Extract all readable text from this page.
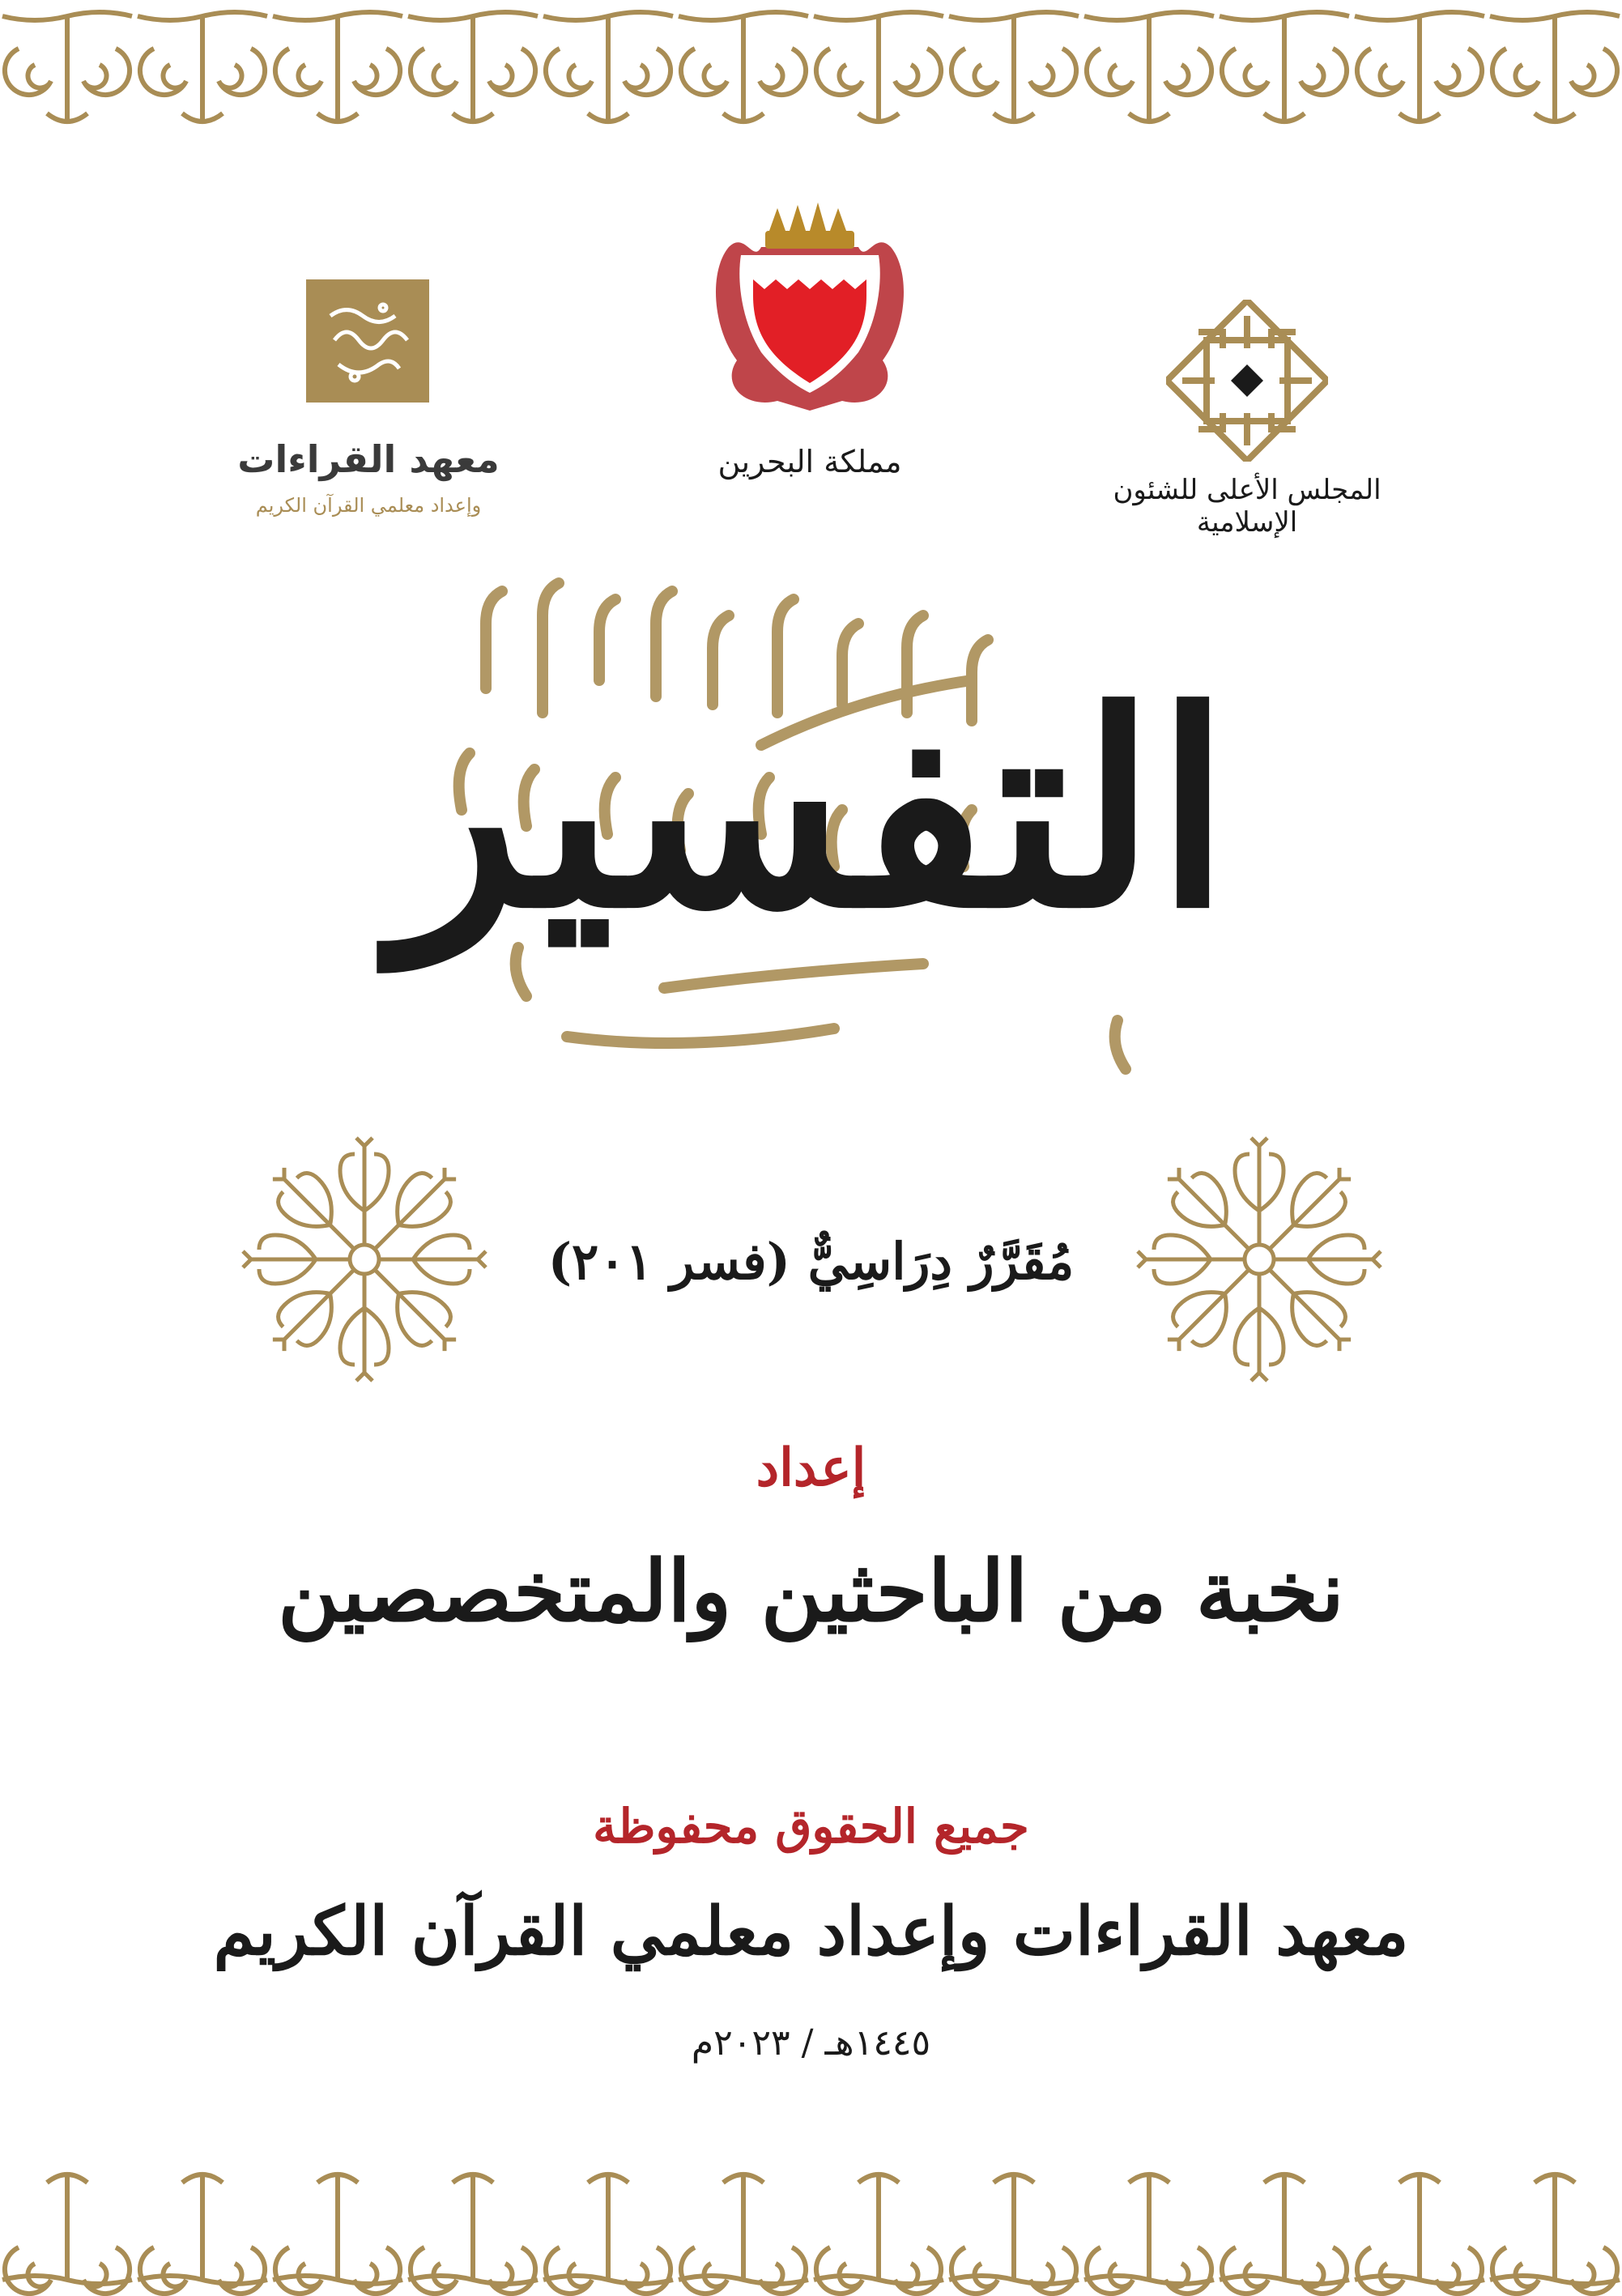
المجلس الأعلى للشئون الإسلامية
مملكة البحرين
معهد القراءات
وإعداد معلمي القرآن الكريم
التفسير
مُقَرَّرٌ دِرَاسِيٌّ (فسر ٢٠١)
إعداد
نخبة من الباحثين والمتخصصين
جميع الحقوق محفوظة
معهد القراءات وإعداد معلمي القرآن الكريم
١٤٤٥هـ / ٢٠٢٣م
